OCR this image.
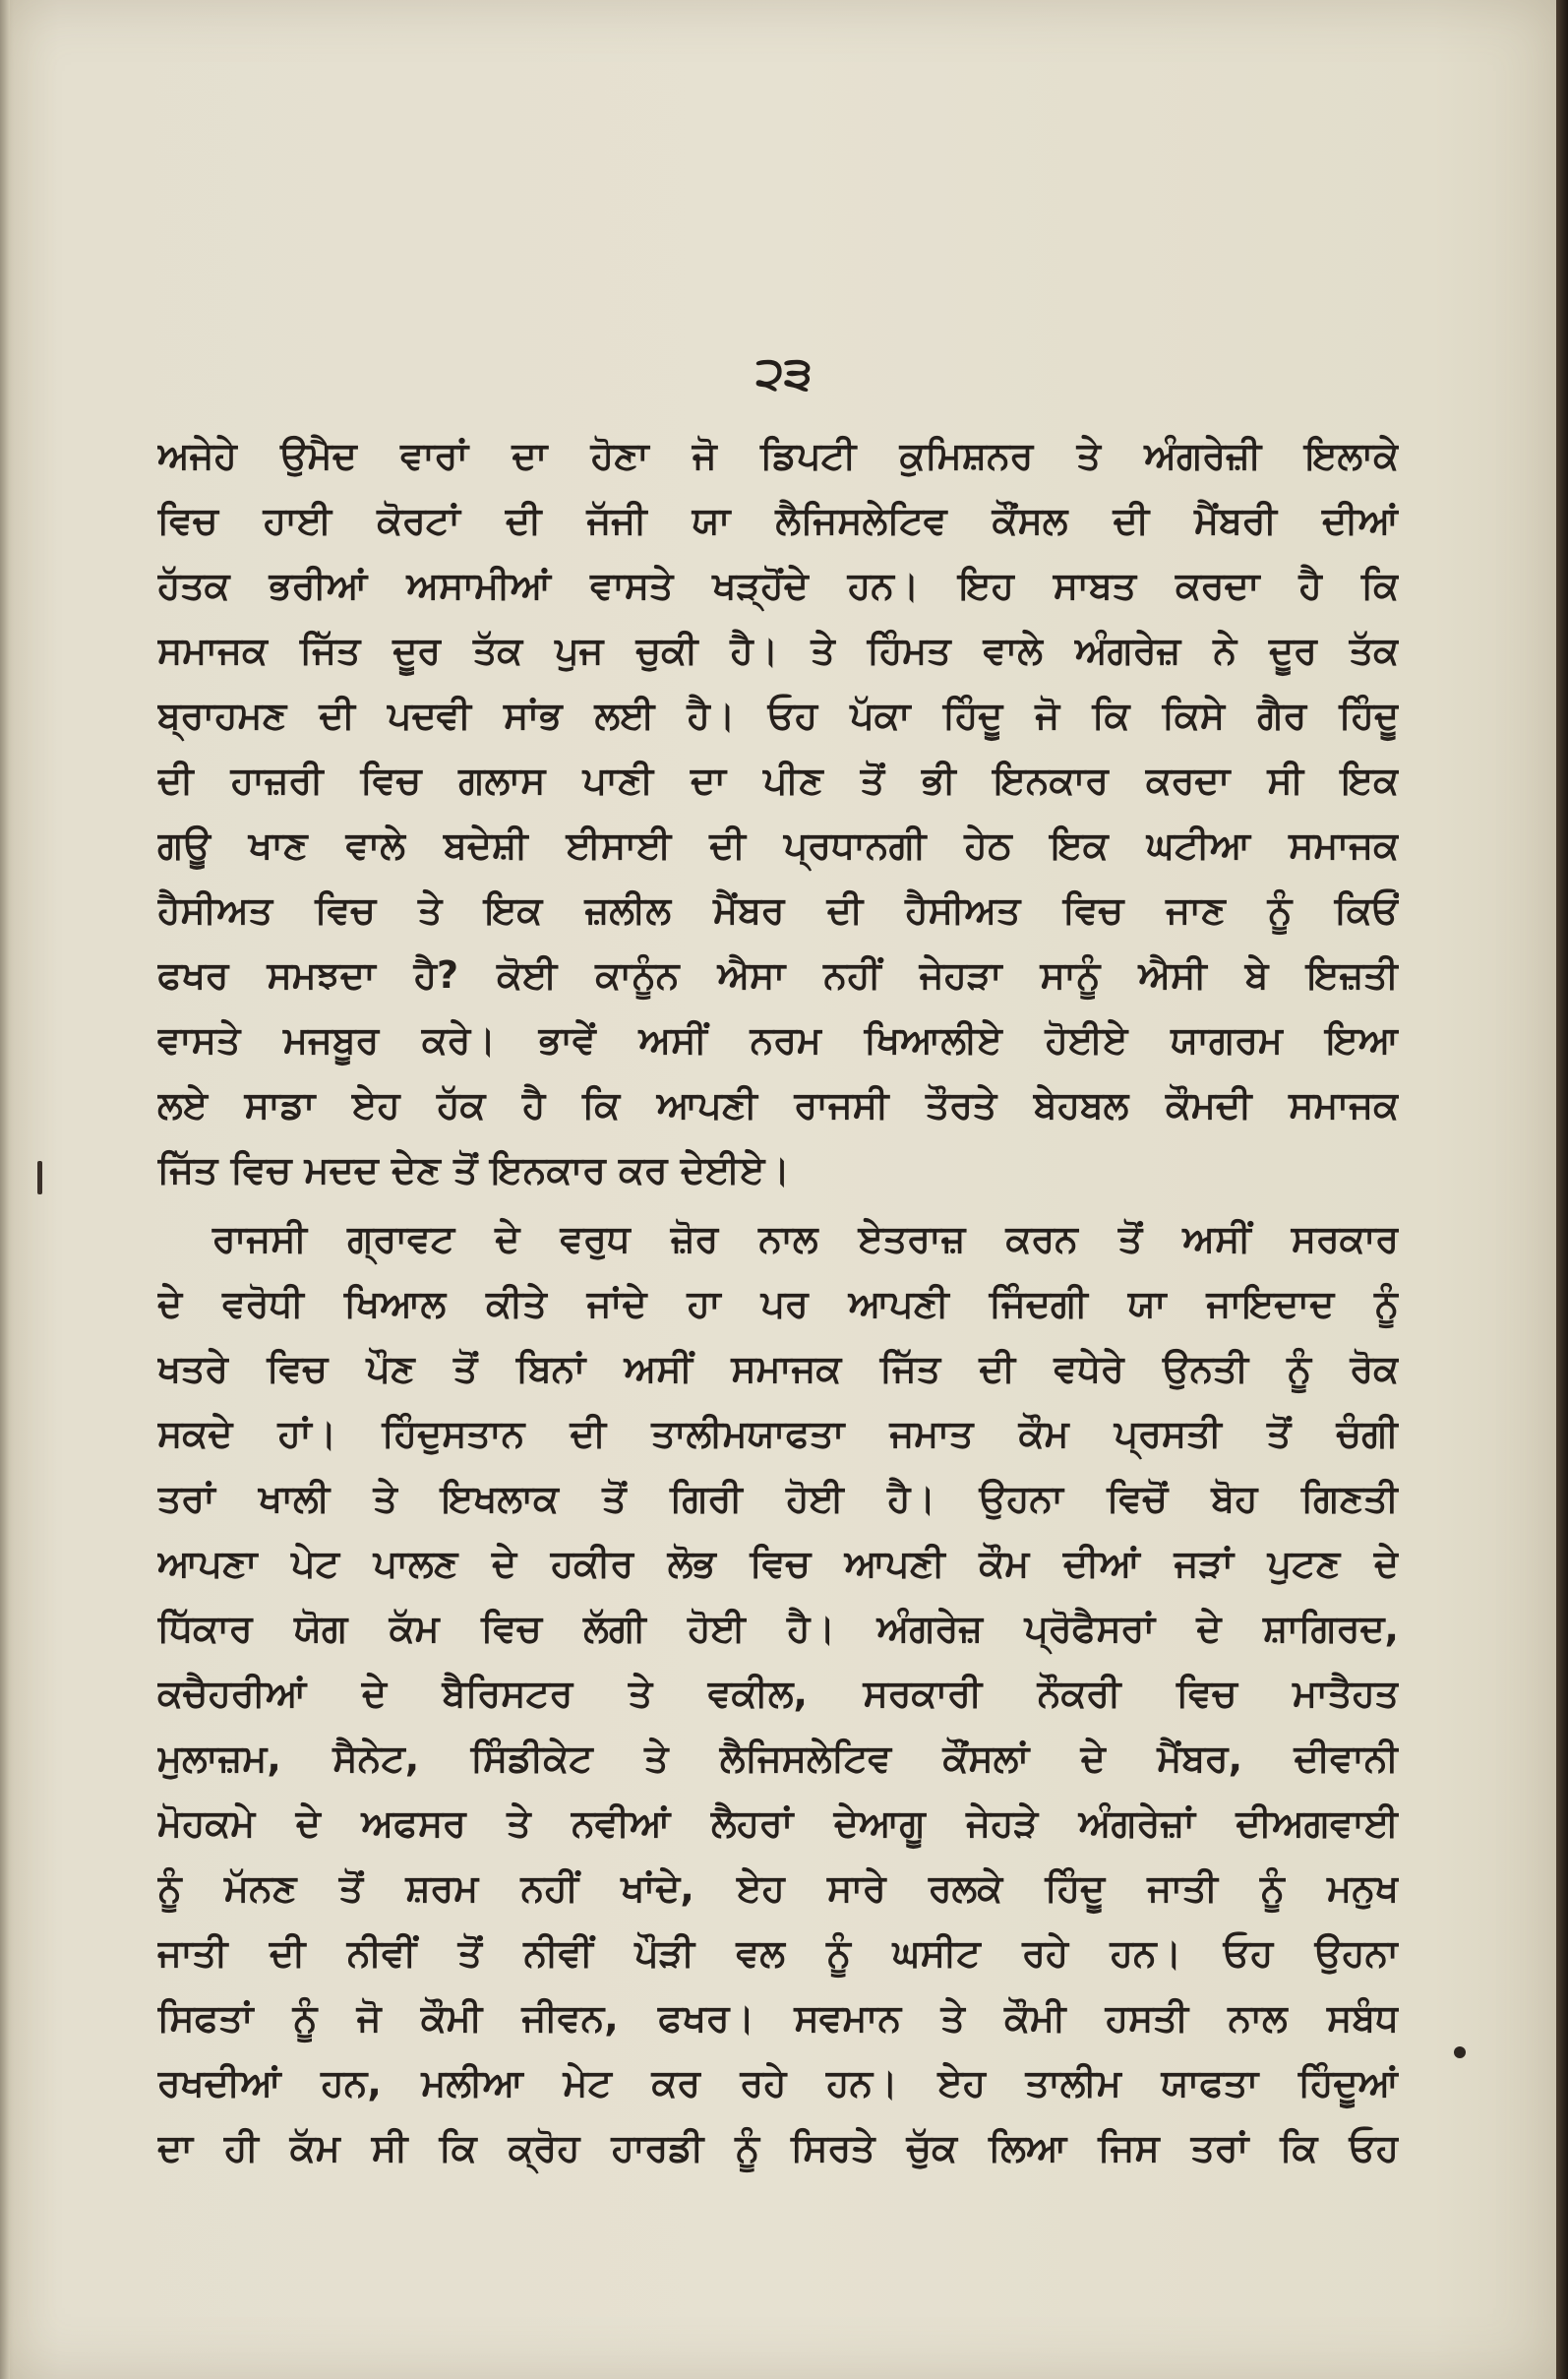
੨੩
ਅਜੇਹੇ ਉਮੈਦ ਵਾਰਾਂ ਦਾ ਹੋਣਾ ਜੋ ਡਿਪਟੀ ਕੁਮਿਸ਼ਨਰ ਤੇ ਅੰਗਰੇਜ਼ੀ ਇਲਾਕੇ
ਵਿਚ ਹਾਈ ਕੋਰਟਾਂ ਦੀ ਜੱਜੀ ਯਾ ਲੈਜਿਸਲੇਟਿਵ ਕੌਂਸਲ ਦੀ ਮੈਂਬਰੀ ਦੀਆਂ
ਹੱਤਕ ਭਰੀਆਂ ਅਸਾਮੀਆਂ ਵਾਸਤੇ ਖੜ੍ਹੋਂਦੇ ਹਨ। ਇਹ ਸਾਬਤ ਕਰਦਾ ਹੈ ਕਿ
ਸਮਾਜਕ ਜਿੱਤ ਦੂਰ ਤੱਕ ਪੁਜ ਚੁਕੀ ਹੈ। ਤੇ ਹਿੰਮਤ ਵਾਲੇ ਅੰਗਰੇਜ਼ ਨੇ ਦੂਰ ਤੱਕ
ਬ੍ਰਾਹਮਣ ਦੀ ਪਦਵੀ ਸਾਂਭ ਲਈ ਹੈ। ਓਹ ਪੱਕਾ ਹਿੰਦੂ ਜੋ ਕਿ ਕਿਸੇ ਗੈਰ ਹਿੰਦੂ
ਦੀ ਹਾਜ਼ਰੀ ਵਿਚ ਗਲਾਸ ਪਾਣੀ ਦਾ ਪੀਣ ਤੋਂ ਭੀ ਇਨਕਾਰ ਕਰਦਾ ਸੀ ਇਕ
ਗਊ ਖਾਣ ਵਾਲੇ ਬਦੇਸ਼ੀ ਈਸਾਈ ਦੀ ਪ੍ਰਧਾਨਗੀ ਹੇਠ ਇਕ ਘਟੀਆ ਸਮਾਜਕ
ਹੈਸੀਅਤ ਵਿਚ ਤੇ ਇਕ ਜ਼ਲੀਲ ਮੈਂਬਰ ਦੀ ਹੈਸੀਅਤ ਵਿਚ ਜਾਣ ਨੂੰ ਕਿਓਂ
ਫਖਰ ਸਮਝਦਾ ਹੈ? ਕੋਈ ਕਾਨੂੰਨ ਐਸਾ ਨਹੀਂ ਜੇਹੜਾ ਸਾਨੂੰ ਐਸੀ ਬੇ ਇਜ਼ਤੀ
ਵਾਸਤੇ ਮਜਬੂਰ ਕਰੇ। ਭਾਵੇਂ ਅਸੀਂ ਨਰਮ ਖਿਆਲੀਏ ਹੋਈਏ ਯਾਗਰਮ ਇਆ
ਲਏ ਸਾਡਾ ਏਹ ਹੱਕ ਹੈ ਕਿ ਆਪਣੀ ਰਾਜਸੀ ਤੌਰਤੇ ਬੇਹਬਲ ਕੌਮਦੀ ਸਮਾਜਕ
ਜਿੱਤ ਵਿਚ ਮਦਦ ਦੇਣ ਤੋਂ ਇਨਕਾਰ ਕਰ ਦੇਈਏ।
ਰਾਜਸੀ ਗ੍ਰਾਵਟ ਦੇ ਵਰੁਧ ਜ਼ੋਰ ਨਾਲ ਏਤਰਾਜ਼ ਕਰਨ ਤੋਂ ਅਸੀਂ ਸਰਕਾਰ
ਦੇ ਵਰੋਧੀ ਖਿਆਲ ਕੀਤੇ ਜਾਂਦੇ ਹਾ ਪਰ ਆਪਣੀ ਜਿੰਦਗੀ ਯਾ ਜਾਇਦਾਦ ਨੂੰ
ਖਤਰੇ ਵਿਚ ਪੌਣ ਤੋਂ ਬਿਨਾਂ ਅਸੀਂ ਸਮਾਜਕ ਜਿੱਤ ਦੀ ਵਧੇਰੇ ਉਨਤੀ ਨੂੰ ਰੋਕ
ਸਕਦੇ ਹਾਂ। ਹਿੰਦੁਸਤਾਨ ਦੀ ਤਾਲੀਮਯਾਫਤਾ ਜਮਾਤ ਕੌਮ ਪ੍ਰਸਤੀ ਤੋਂ ਚੰਗੀ
ਤਰਾਂ ਖਾਲੀ ਤੇ ਇਖਲਾਕ ਤੋਂ ਗਿਰੀ ਹੋਈ ਹੈ। ਉਹਨਾ ਵਿਚੋਂ ਬੋਹ ਗਿਣਤੀ
ਆਪਣਾ ਪੇਟ ਪਾਲਣ ਦੇ ਹਕੀਰ ਲੋਭ ਵਿਚ ਆਪਣੀ ਕੌਮ ਦੀਆਂ ਜੜਾਂ ਪੁਟਣ ਦੇ
ਧਿੱਕਾਰ ਯੋਗ ਕੱਮ ਵਿਚ ਲੱਗੀ ਹੋਈ ਹੈ। ਅੰਗਰੇਜ਼ ਪ੍ਰੋਫੈਸਰਾਂ ਦੇ ਸ਼ਾਗਿਰਦ,
ਕਚੈਹਰੀਆਂ ਦੇ ਬੈਰਿਸਟਰ ਤੇ ਵਕੀਲ, ਸਰਕਾਰੀ ਨੌਕਰੀ ਵਿਚ ਮਾਤੈਹਤ
ਮੁਲਾਜ਼ਮ, ਸੈਨੇਟ, ਸਿੰਡੀਕੇਟ ਤੇ ਲੈਜਿਸਲੇਟਿਵ ਕੌਂਸਲਾਂ ਦੇ ਮੈਂਬਰ, ਦੀਵਾਨੀ
ਮੋਹਕਮੇ ਦੇ ਅਫਸਰ ਤੇ ਨਵੀਆਂ ਲੈਹਰਾਂ ਦੇਆਗੂ ਜੇਹੜੇ ਅੰਗਰੇਜ਼ਾਂ ਦੀਅਗਵਾਈ
ਨੂੰ ਮੱਨਣ ਤੋਂ ਸ਼ਰਮ ਨਹੀਂ ਖਾਂਦੇ, ਏਹ ਸਾਰੇ ਰਲਕੇ ਹਿੰਦੂ ਜਾਤੀ ਨੂੰ ਮਨੁਖ
ਜਾਤੀ ਦੀ ਨੀਵੀਂ ਤੋਂ ਨੀਵੀਂ ਪੌੜੀ ਵਲ ਨੂੰ ਘਸੀਟ ਰਹੇ ਹਨ। ਓਹ ਉਹਨਾ
ਸਿਫਤਾਂ ਨੂੰ ਜੋ ਕੌਮੀ ਜੀਵਨ, ਫਖਰ। ਸਵਮਾਨ ਤੇ ਕੌਮੀ ਹਸਤੀ ਨਾਲ ਸਬੰਧ
ਰਖਦੀਆਂ ਹਨ, ਮਲੀਆ ਮੇਟ ਕਰ ਰਹੇ ਹਨ। ਏਹ ਤਾਲੀਮ ਯਾਫਤਾ ਹਿੰਦੂਆਂ
ਦਾ ਹੀ ਕੱਮ ਸੀ ਕਿ ਕ੍ਰੋਹ ਹਾਰਡੀ ਨੂੰ ਸਿਰਤੇ ਚੁੱਕ ਲਿਆ ਜਿਸ ਤਰਾਂ ਕਿ ਓਹ
